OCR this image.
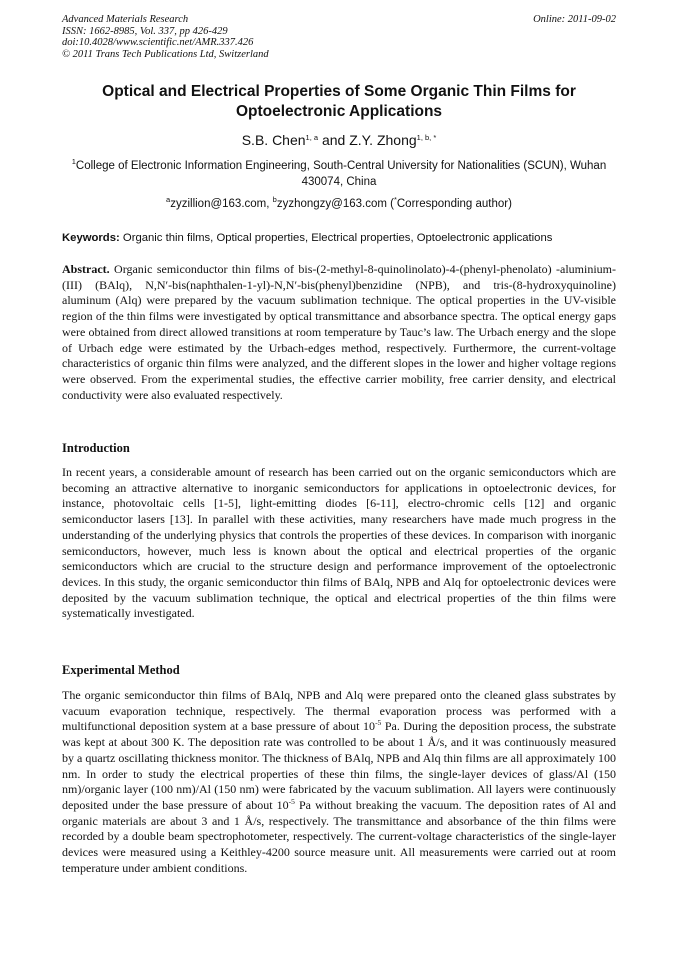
Advanced Materials Research
ISSN: 1662-8985, Vol. 337, pp 426-429
doi:10.4028/www.scientific.net/AMR.337.426
© 2011 Trans Tech Publications Ltd, Switzerland
Online: 2011-09-02
Optical and Electrical Properties of Some Organic Thin Films for Optoelectronic Applications
S.B. Chen$^{1, a}$ and Z.Y. Zhong$^{1, b, *}$
$^1$College of Electronic Information Engineering, South-Central University for Nationalities (SCUN), Wuhan 430074, China
$^a$zyzillion@163.com, $^b$zyzhongzy@163.com (*Corresponding author)
Keywords: Organic thin films, Optical properties, Electrical properties, Optoelectronic applications
Abstract. Organic semiconductor thin films of bis-(2-methyl-8-quinolinolato)-4-(phenyl-phenolato) -aluminium-(III) (BAlq), N,N′-bis(naphthalen-1-yl)-N,N′-bis(phenyl)benzidine (NPB), and tris-(8-hydroxyquinoline) aluminum (Alq) were prepared by the vacuum sublimation technique. The optical properties in the UV-visible region of the thin films were investigated by optical transmittance and absorbance spectra. The optical energy gaps were obtained from direct allowed transitions at room temperature by Tauc’s law. The Urbach energy and the slope of Urbach edge were estimated by the Urbach-edges method, respectively. Furthermore, the current-voltage characteristics of organic thin films were analyzed, and the different slopes in the lower and higher voltage regions were observed. From the experimental studies, the effective carrier mobility, free carrier density, and electrical conductivity were also evaluated respectively.
Introduction
In recent years, a considerable amount of research has been carried out on the organic semiconductors which are becoming an attractive alternative to inorganic semiconductors for applications in optoelectronic devices, for instance, photovoltaic cells [1-5], light-emitting diodes [6-11], electro-chromic cells [12] and organic semiconductor lasers [13]. In parallel with these activities, many researchers have made much progress in the understanding of the underlying physics that controls the properties of these devices. In comparison with inorganic semiconductors, however, much less is known about the optical and electrical properties of the organic semiconductors which are crucial to the structure design and performance improvement of the optoelectronic devices. In this study, the organic semiconductor thin films of BAlq, NPB and Alq for optoelectronic devices were deposited by the vacuum sublimation technique, the optical and electrical properties of the thin films were systematically investigated.
Experimental Method
The organic semiconductor thin films of BAlq, NPB and Alq were prepared onto the cleaned glass substrates by vacuum evaporation technique, respectively. The thermal evaporation process was performed with a multifunctional deposition system at a base pressure of about $10^{-5}$ Pa. During the deposition process, the substrate was kept at about 300 K. The deposition rate was controlled to be about 1 Å/s, and it was continuously measured by a quartz oscillating thickness monitor. The thickness of BAlq, NPB and Alq thin films are all approximately 100 nm. In order to study the electrical properties of these thin films, the single-layer devices of glass/Al (150 nm)/organic layer (100 nm)/Al (150 nm) were fabricated by the vacuum sublimation. All layers were continuously deposited under the base pressure of about $10^{-5}$ Pa without breaking the vacuum. The deposition rates of Al and organic materials are about 3 and 1 Å/s, respectively. The transmittance and absorbance of the thin films were recorded by a double beam spectrophotometer, respectively. The current-voltage characteristics of the single-layer devices were measured using a Keithley-4200 source measure unit. All measurements were carried out at room temperature under ambient conditions.
